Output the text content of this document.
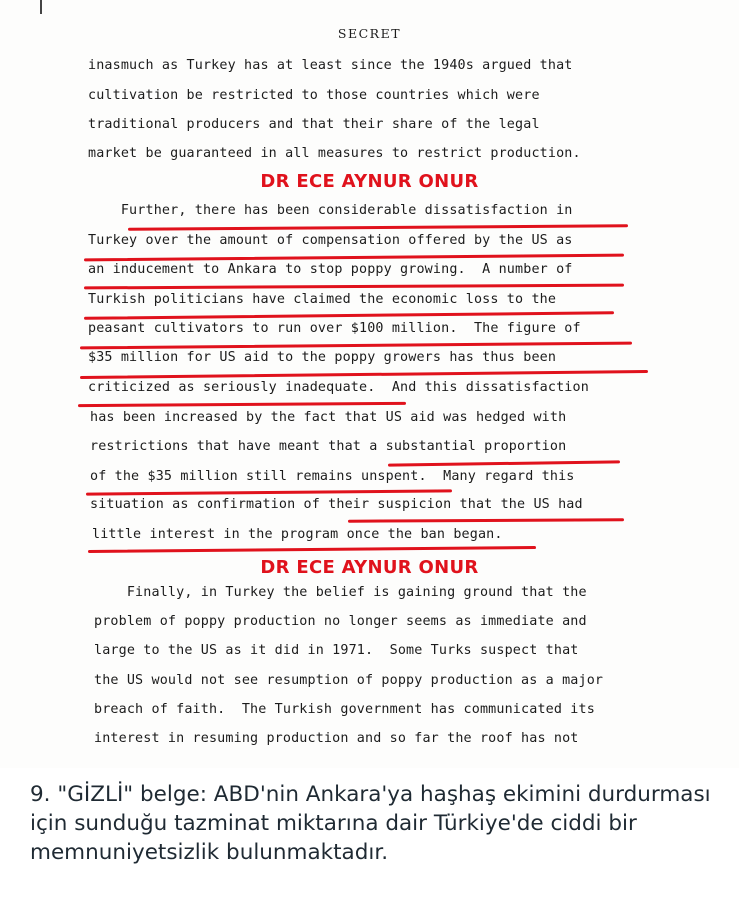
SECRET
inasmuch as Turkey has at least since the 1940s argued that
cultivation be restricted to those countries which were
traditional producers and that their share of the legal
market be guaranteed in all measures to restrict production.
DR ECE AYNUR ONUR
Further, there has been considerable dissatisfaction in
Turkey over the amount of compensation offered by the US as
an inducement to Ankara to stop poppy growing.  A number of
Turkish politicians have claimed the economic loss to the
peasant cultivators to run over $100 million.  The figure of
$35 million for US aid to the poppy growers has thus been
criticized as seriously inadequate.  And this dissatisfaction
has been increased by the fact that US aid was hedged with
restrictions that have meant that a substantial proportion
of the $35 million still remains unspent.  Many regard this
situation as confirmation of their suspicion that the US had
little interest in the program once the ban began.
DR ECE AYNUR ONUR
Finally, in Turkey the belief is gaining ground that the
problem of poppy production no longer seems as immediate and
large to the US as it did in 1971.  Some Turks suspect that
the US would not see resumption of poppy production as a major
breach of faith.  The Turkish government has communicated its
interest in resuming production and so far the roof has not
9. "GİZLİ" belge: ABD'nin Ankara'ya haşhaş ekimini durdurması için sunduğu tazminat miktarına dair Türkiye'de ciddi bir memnuniyetsizlik bulunmaktadır.
